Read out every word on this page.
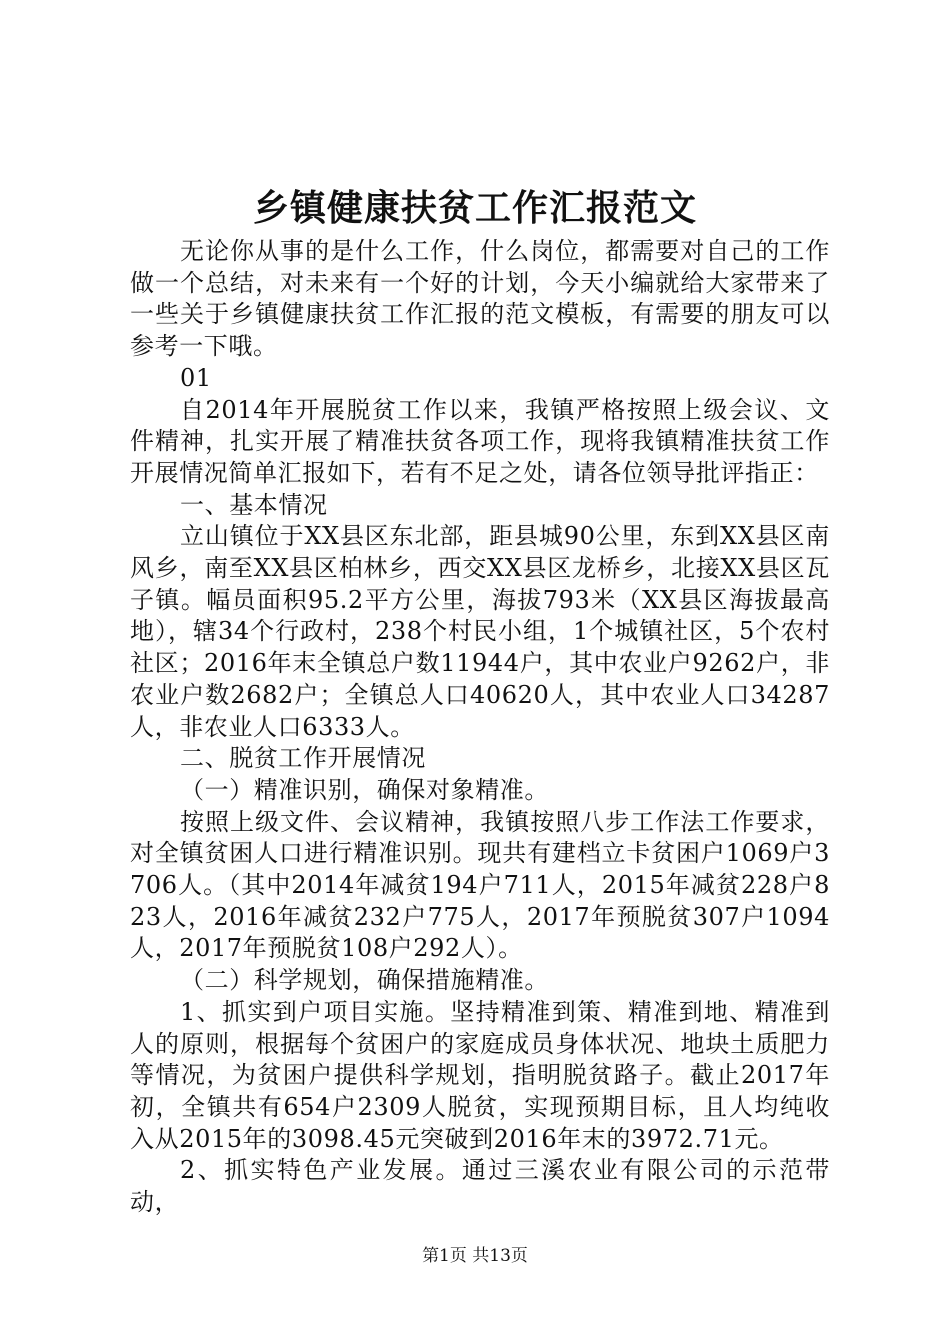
乡镇健康扶贫工作汇报范文

无论你从事的是什么工作，什么岗位，都需要对自己的工作做一个总结，对未来有一个好的计划，今天小编就给大家带来了一些关于乡镇健康扶贫工作汇报的范文模板，有需要的朋友可以参考一下哦。

01

自2014年开展脱贫工作以来，我镇严格按照上级会议、文件精神，扎实开展了精准扶贫各项工作，现将我镇精准扶贫工作开展情况简单汇报如下，若有不足之处，请各位领导批评指正：

一、基本情况

立山镇位于XX县区东北部，距县城90公里，东到XX县区南风乡，南至XX县区柏林乡，西交XX县区龙桥乡，北接XX县区瓦子镇。幅员面积95.2平方公里，海拔793米（XX县区海拔最高地），辖34个行政村，238个村民小组，1个城镇社区，5个农村社区；2016年末全镇总户数11944户，其中农业户9262户，非农业户数2682户；全镇总人口40620人，其中农业人口34287人，非农业人口6333人。

二、脱贫工作开展情况

（一）精准识别，确保对象精准。

按照上级文件、会议精神，我镇按照八步工作法工作要求，对全镇贫困人口进行精准识别。现共有建档立卡贫困户1069户3706人。（其中2014年减贫194户711人，2015年减贫228户823人，2016年减贫232户775人，2017年预脱贫307户1094人，2017年预脱贫108户292人）。

（二）科学规划，确保措施精准。

1、抓实到户项目实施。坚持精准到策、精准到地、精准到人的原则，根据每个贫困户的家庭成员身体状况、地块土质肥力等情况，为贫困户提供科学规划，指明脱贫路子。截止2017年初，全镇共有654户2309人脱贫，实现预期目标，且人均纯收入从2015年的3098.45元突破到2016年末的3972.71元。

2、抓实特色产业发展。通过三溪农业有限公司的示范带动，

第1页 共13页
